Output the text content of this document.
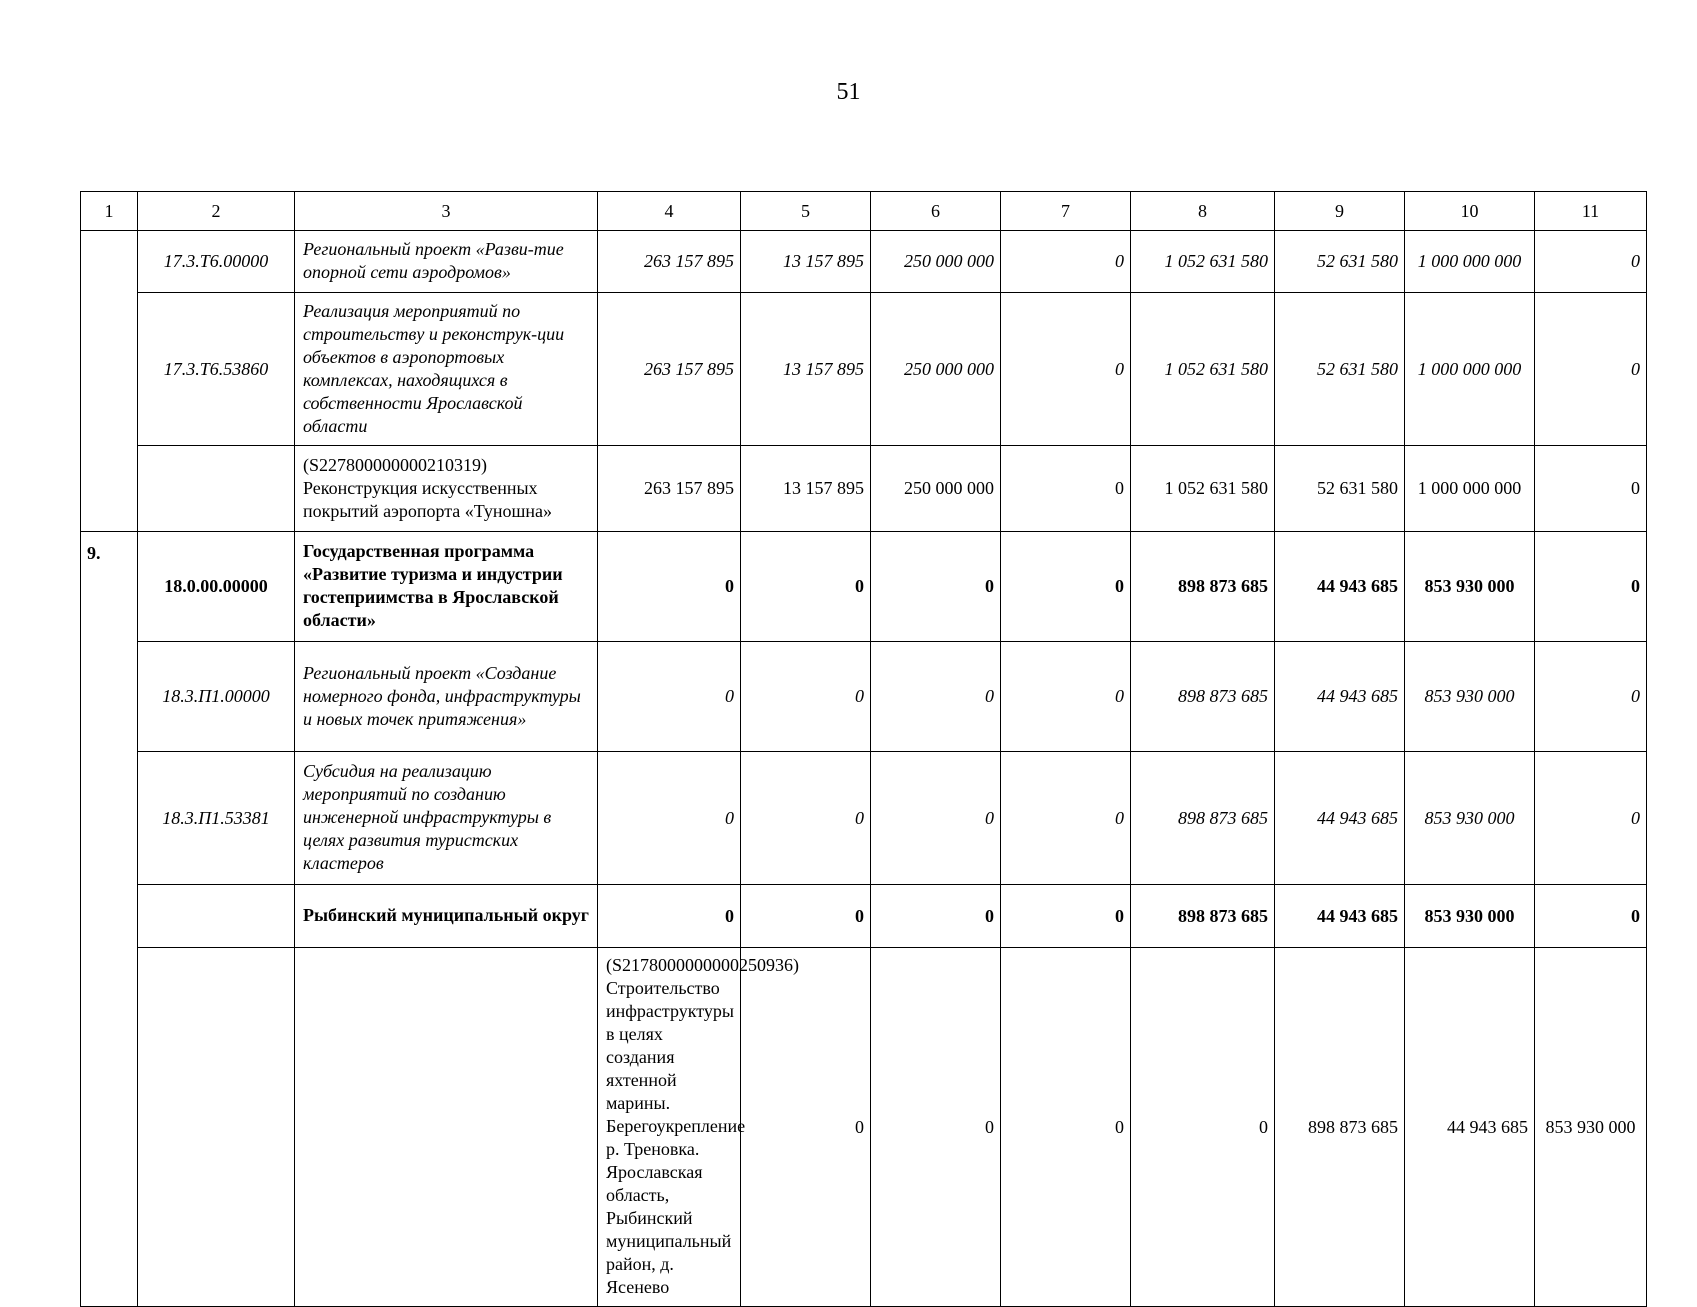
51
1	2	3	4	5	6	7	8	9	10	11	
	17.3.Т6.00000	Региональный проект «Разви-тие опорной сети аэродромов»	263 157 895	13 157 895	250 000 000	0	1 052 631 580	52 631 580	1 000 000 000	0	
	17.3.Т6.53860	Реализация мероприятий по строительству и реконструк-ции объектов в аэропортовых комплексах, находящихся в собственности Ярославской области	263 157 895	13 157 895	250 000 000	0	1 052 631 580	52 631 580	1 000 000 000	0	
		(S227800000000210319) Реконструкция искусственных покрытий аэропорта «Туношна»	263 157 895	13 157 895	250 000 000	0	1 052 631 580	52 631 580	1 000 000 000	0	
9.	18.0.00.00000	Государственная программа «Развитие туризма и индустрии гостеприимства в Ярославской области»	0	0	0	0	898 873 685	44 943 685	853 930 000	0	
	18.3.П1.00000	Региональный проект «Создание номерного фонда, инфраструктуры и новых точек притяжения»	0	0	0	0	898 873 685	44 943 685	853 930 000	0	
	18.3.П1.53381	Субсидия на реализацию мероприятий по созданию инженерной инфраструктуры в целях развития туристских кластеров	0	0	0	0	898 873 685	44 943 685	853 930 000	0	
		Рыбинский муниципальный округ	0	0	0	0	898 873 685	44 943 685	853 930 000	0	
			(S2178000000000250936) Строительство инфраструктуры в целях создания яхтенной марины. Берегоукрепление р. Треновка. Ярославская область, Рыбинский муниципальный район, д. Ясенево	0	0	0	0	898 873 685	44 943 685	853 930 000	
